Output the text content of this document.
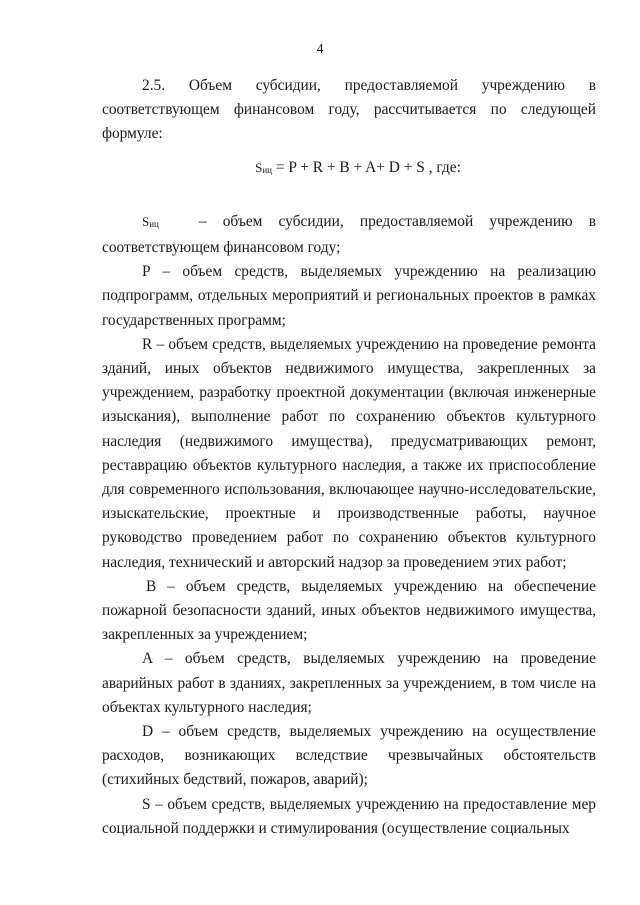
4

2.5. Объем субсидии, предоставляемой учреждению в соответствующем финансовом году, рассчитывается по следующей формуле:

Sиц = P + R + B + A+ D + S , где:

Sиц	– объем субсидии, предоставляемой учреждению в соответствующем финансовом году;

P – объем средств, выделяемых учреждению на реализацию подпрограмм, отдельных мероприятий и региональных проектов в рамках государственных программ;

R – объем средств, выделяемых учреждению на проведение ремонта зданий, иных объектов недвижимого имущества, закрепленных за учреждением, разработку проектной документации (включая инженерные изыскания), выполнение работ по сохранению объектов культурного наследия (недвижимого имущества), предусматривающих ремонт, реставрацию объектов культурного наследия, а также их приспособление для современного использования, включающее научно-исследовательские, изыскательские, проектные и производственные работы, научное руководство проведением работ по сохранению объектов культурного наследия, технический и авторский надзор за проведением этих работ;

B – объем средств, выделяемых учреждению на обеспечение пожарной безопасности зданий, иных объектов недвижимого имущества, закрепленных за учреждением;

A – объем средств, выделяемых учреждению на проведение аварийных работ в зданиях, закрепленных за учреждением, в том числе на объектах культурного наследия;

D – объем средств, выделяемых учреждению на осуществление расходов, возникающих вследствие чрезвычайных обстоятельств (стихийных бедствий, пожаров, аварий);

S – объем средств, выделяемых учреждению на предоставление мер социальной поддержки и стимулирования (осуществление социальных
